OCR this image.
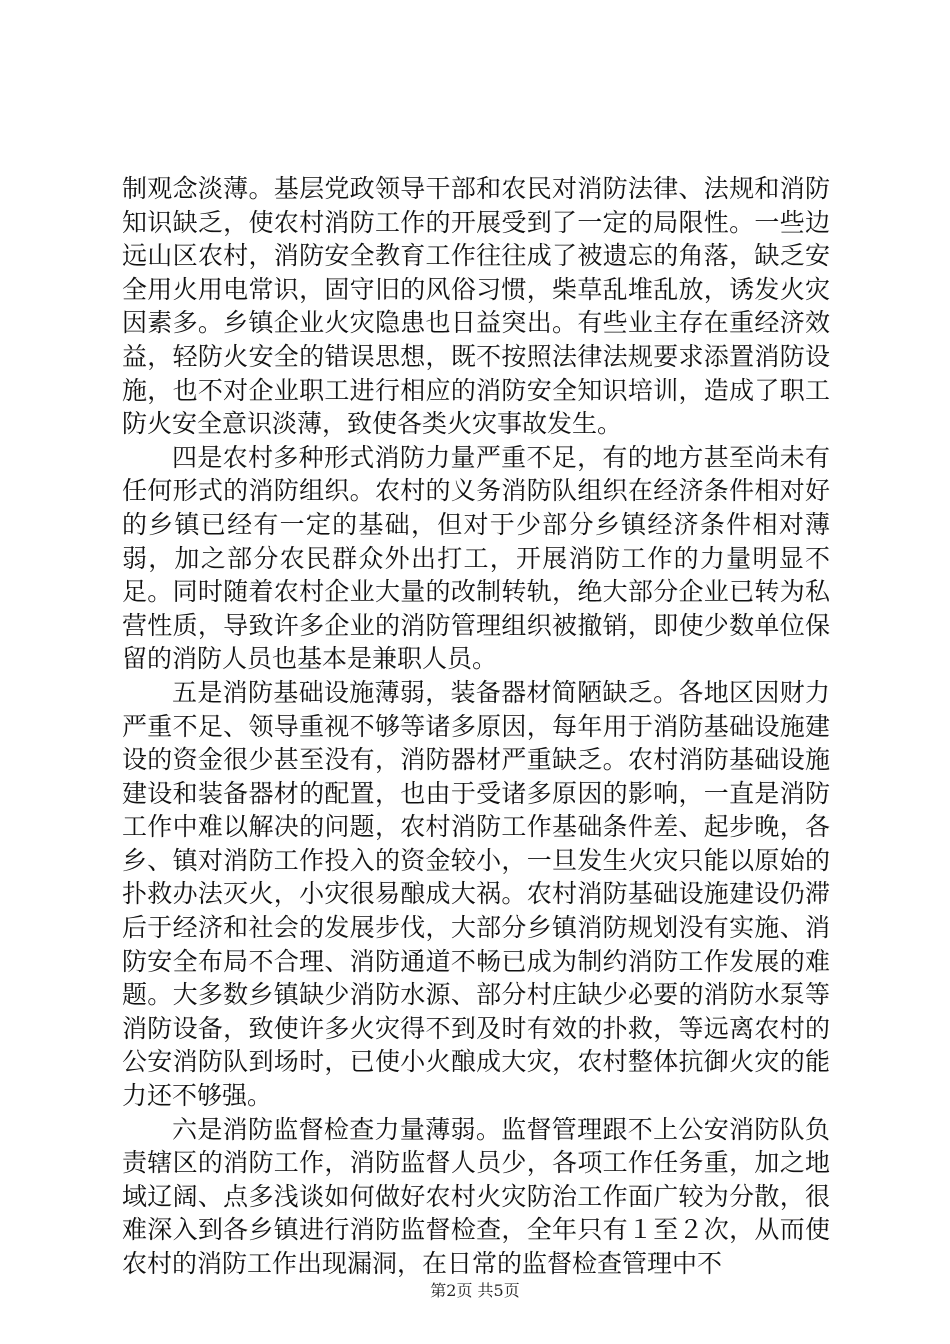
制观念淡薄。基层党政领导干部和农民对消防法律、法规和消防知识缺乏，使农村消防工作的开展受到了一定的局限性。一些边远山区农村，消防安全教育工作往往成了被遗忘的角落，缺乏安全用火用电常识，固守旧的风俗习惯，柴草乱堆乱放，诱发火灾因素多。乡镇企业火灾隐患也日益突出。有些业主存在重经济效益，轻防火安全的错误思想，既不按照法律法规要求添置消防设施，也不对企业职工进行相应的消防安全知识培训，造成了职工防火安全意识淡薄，致使各类火灾事故发生。

四是农村多种形式消防力量严重不足，有的地方甚至尚未有任何形式的消防组织。农村的义务消防队组织在经济条件相对好的乡镇已经有一定的基础，但对于少部分乡镇经济条件相对薄弱，加之部分农民群众外出打工，开展消防工作的力量明显不足。同时随着农村企业大量的改制转轨，绝大部分企业已转为私营性质，导致许多企业的消防管理组织被撤销，即使少数单位保留的消防人员也基本是兼职人员。

五是消防基础设施薄弱，装备器材简陋缺乏。各地区因财力严重不足、领导重视不够等诸多原因，每年用于消防基础设施建设的资金很少甚至没有，消防器材严重缺乏。农村消防基础设施建设和装备器材的配置，也由于受诸多原因的影响，一直是消防工作中难以解决的问题，农村消防工作基础条件差、起步晚，各乡、镇对消防工作投入的资金较小，一旦发生火灾只能以原始的扑救办法灭火，小灾很易酿成大祸。农村消防基础设施建设仍滞后于经济和社会的发展步伐，大部分乡镇消防规划没有实施、消防安全布局不合理、消防通道不畅已成为制约消防工作发展的难题。大多数乡镇缺少消防水源、部分村庄缺少必要的消防水泵等消防设备，致使许多火灾得不到及时有效的扑救，等远离农村的公安消防队到场时，已使小火酿成大灾，农村整体抗御火灾的能力还不够强。

六是消防监督检查力量薄弱。监督管理跟不上公安消防队负责辖区的消防工作，消防监督人员少，各项工作任务重，加之地域辽阔、点多浅谈如何做好农村火灾防治工作面广较为分散，很难深入到各乡镇进行消防监督检查，全年只有１至２次，从而使农村的消防工作出现漏洞，在日常的监督检查管理中不

第2页 共5页
